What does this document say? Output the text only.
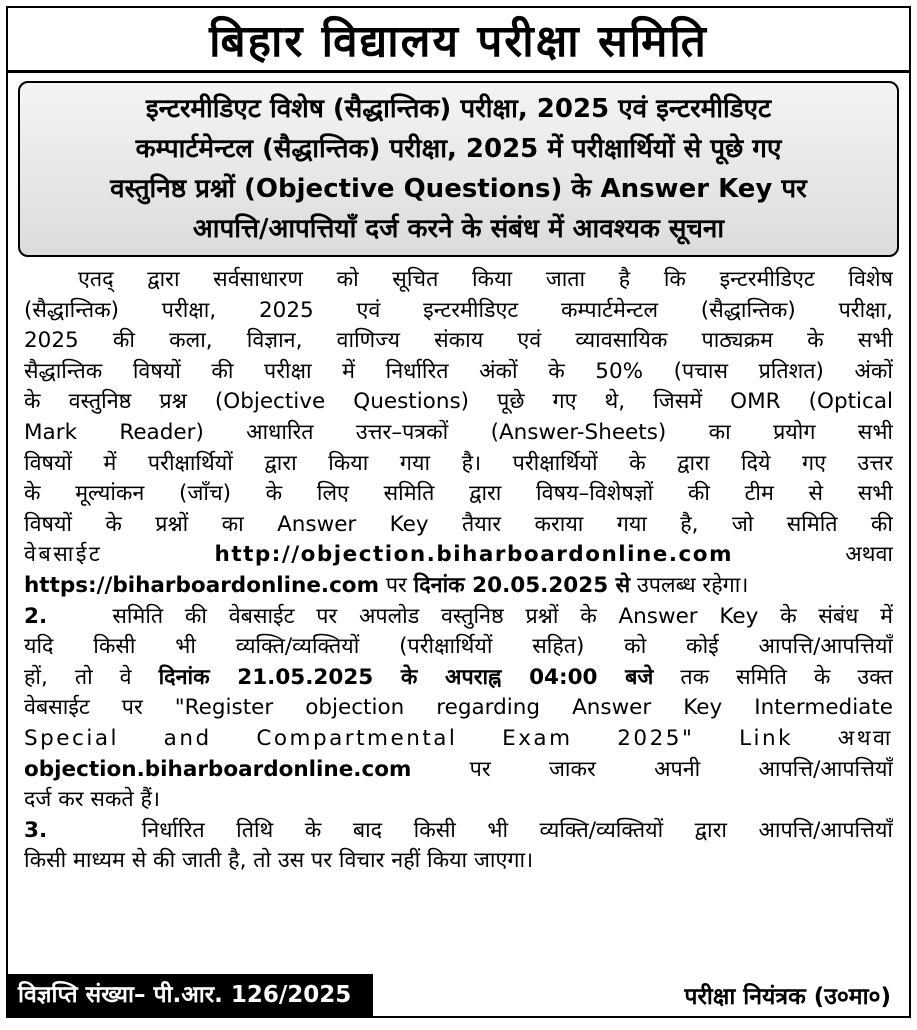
बिहार विद्यालय परीक्षा समिति
इन्टरमीडिएट विशेष (सैद्धान्तिक) परीक्षा, 2025 एवं इन्टरमीडिएट
कम्पार्टमेन्टल (सैद्धान्तिक) परीक्षा, 2025 में परीक्षार्थियों से पूछे गए
वस्तुनिष्ठ प्रश्नों (Objective Questions) के Answer Key पर
आपत्ति/आपत्तियाँ दर्ज करने के संबंध में आवश्यक सूचना
एतद् द्वारा सर्वसाधारण को सूचित किया जाता है कि इन्टरमीडिएट विशेष
(सैद्धान्तिक) परीक्षा, 2025 एवं इन्टरमीडिएट कम्पार्टमेन्टल (सैद्धान्तिक) परीक्षा,
2025 की कला, विज्ञान, वाणिज्य संकाय एवं व्यावसायिक पाठ्यक्रम के सभी
सैद्धान्तिक विषयों की परीक्षा में निर्धारित अंकों के 50% (पचास प्रतिशत) अंकों
के वस्तुनिष्ठ प्रश्न (Objective Questions) पूछे गए थे, जिसमें OMR (Optical
Mark Reader) आधारित उत्तर–पत्रकों (Answer-Sheets) का प्रयोग सभी
विषयों में परीक्षार्थियों द्वारा किया गया है। परीक्षार्थियों के द्वारा दिये गए उत्तर
के मूल्यांकन (जाँच) के लिए समिति द्वारा विषय–विशेषज्ञों की टीम से सभी
विषयों के प्रश्नों का Answer Key तैयार कराया गया है, जो समिति की
वेबसाईट	http://objection.biharboardonline.com	अथवा
https://biharboardonline.com पर दिनांक 20.05.2025 से उपलब्ध रहेगा।
2.	समिति की वेबसाईट पर अपलोड वस्तुनिष्ठ प्रश्नों के Answer Key के संबंध में
यदि किसी भी व्यक्ति/व्यक्तियों (परीक्षार्थियों सहित) को कोई आपत्ति/आपत्तियाँ
हों, तो वे दिनांक 21.05.2025 के अपराह्न 04:00 बजे तक समिति के उक्त
वेबसाईट पर "Register objection regarding Answer Key Intermediate
Special and Compartmental Exam 2025" Link अथवा
objection.biharboardonline.com पर जाकर अपनी आपत्ति/आपत्तियाँ
दर्ज कर सकते हैं।
3.	निर्धारित तिथि के बाद किसी भी व्यक्ति/व्यक्तियों द्वारा आपत्ति/आपत्तियाँ
किसी माध्यम से की जाती है, तो उस पर विचार नहीं किया जाएगा।
विज्ञप्ति संख्या– पी.आर. 126/2025	परीक्षा नियंत्रक (उ०मा०)
